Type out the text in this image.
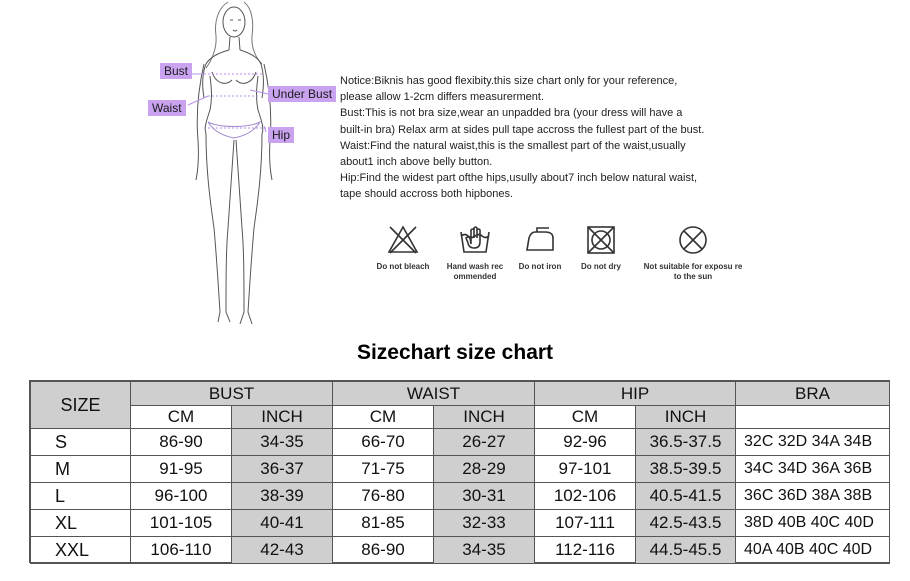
Bust
Waist
Under Bust
Hip

Notice:Biknis has good flexibity.this size chart only for your reference,

please allow 1-2cm differs measurerment.

Bust:This is not bra size,wear an unpadded bra (your dress will have a

built-in bra) Relax arm at sides pull tape accross the fullest part of the bust.

Waist:Find the natural waist,this is the smallest part of the waist,usually

about1 inch above belly button.

Hip:Find the widest part ofthe hips,usully about7 inch below natural waist,

tape should accross both hipbones.

Do not bleach	Hand wash rec ommended
Do not iron	Do not dry	Not suitable for exposu re to the sun
Sizechart size chart
SIZE	BUST		WAIST		HIP		BRA
	CM	INCH	CM	INCH	CM	INCH	
S	86-90	34-35	66-70	26-27	92-96	36.5-37.5	32C 32D 34A 34B
M	91-95	36-37	71-75	28-29	97-101	38.5-39.5	34C 34D 36A 36B
L	96-100	38-39	76-80	30-31	102-106	40.5-41.5	36C 36D 38A 38B
XL	101-105	40-41	81-85	32-33	107-111	42.5-43.5	38D 40B 40C 40D
XXL	106-110	42-43	86-90	34-35	112-116	44.5-45.5	40A 40B 40C 40D
